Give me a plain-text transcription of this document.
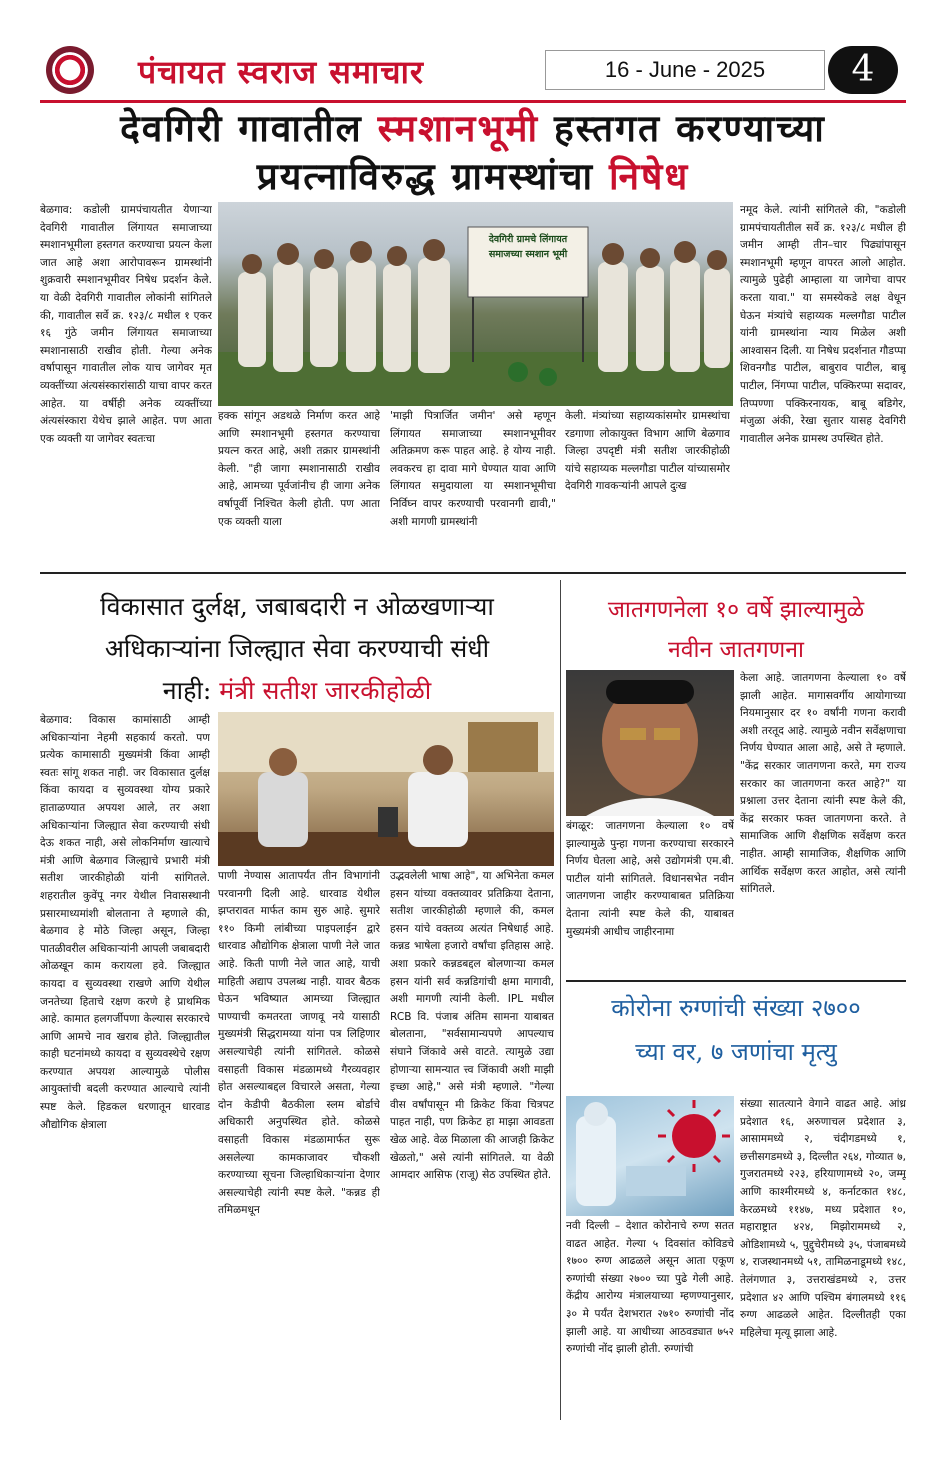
पंचायत स्वराज समाचार	16 - June - 2025	4
देवगिरी गावातील स्मशानभूमी हस्तगत करण्याच्या
प्रयत्नाविरुद्ध ग्रामस्थांचा निषेध
बेळगाव: कडोली ग्रामपंचायतीत येणाऱ्या देवगिरी गावातील लिंगायत समाजाच्या स्मशानभूमीला हस्तगत करण्याचा प्रयत्न केला जात आहे अशा आरोपावरून ग्रामस्थांनी शुक्रवारी स्मशानभूमीवर निषेध प्रदर्शन केले. या वेळी देवगिरी गावातील लोकांनी सांगितले की, गावातील सर्वे क्र. १२३/८ मधील १ एकर १६ गुंठे जमीन लिंगायत समाजाच्या स्मशानासाठी राखीव होती. गेल्या अनेक वर्षापासून गावातील लोक याच जागेवर मृत व्यक्तींच्या अंत्यसंस्कारांसाठी याचा वापर करत आहेत. या वर्षीही अनेक व्यक्तींच्या अंत्यसंस्कारा येथेच झाले आहेत. पण आता एक व्यक्ती या जागेवर स्वतःचा
देवगिरी ग्रामचे लिंगायत समाजच्या स्मशान भूमी
हक्क सांगून अडथळे निर्माण करत आहे आणि स्मशानभूमी हस्तगत करण्याचा प्रयत्न करत आहे, अशी तक्रार ग्रामस्थांनी केली. "ही जागा स्मशानासाठी राखीव आहे, आमच्या पूर्वजांनीच ही जागा अनेक वर्षापूर्वी निश्चित केली होती. पण आता एक व्यक्ती याला
'माझी पित्रार्जित जमीन' असे म्हणून लिंगायत समाजाच्या स्मशानभूमीवर अतिक्रमण करू पाहत आहे. हे योग्य नाही. लवकरच हा दावा मागे घेण्यात यावा आणि लिंगायत समुदायाला या स्मशानभूमीचा निर्विघ्न वापर करण्याची परवानगी द्यावी," अशी मागणी ग्रामस्थांनी
केली. मंत्र्यांच्या सहाय्यकांसमोर ग्रामस्थांचा रडगाणा लोकायुक्त विभाग आणि बेळगाव जिल्हा उपदृष्टी मंत्री सतीश जारकीहोळी यांचे सहाय्यक मल्लगौडा पाटील यांच्यासमोर देवगिरी गावकऱ्यांनी आपले दुःख
नमूद केले. त्यांनी सांगितले की, "कडोली ग्रामपंचायतीतील सर्वे क्र. १२३/८ मधील ही जमीन आम्ही तीन–चार पिढ्यांपासून स्मशानभूमी म्हणून वापरत आलो आहोत. त्यामुळे पुढेही आम्हाला या जागेचा वापर करता यावा." या समस्येकडे लक्ष वेधून घेऊन मंत्र्यांचे सहाय्यक मल्लगौडा पाटील यांनी ग्रामस्थांना न्याय मिळेल अशी आश्वासन दिली. या निषेध प्रदर्शनात गौडप्पा शिवनगौड पाटील, बाबुराव पाटील, बाबू पाटील, निंगप्पा पाटील, पक्किरप्पा सदावर, तिप्पण्णा पक्किरनायक, बाबू बडिगेर, मंजुळा अंकी, रेखा सुतार यासह देवगिरी गावातील अनेक ग्रामस्थ उपस्थित होते.
विकासात दुर्लक्ष, जबाबदारी न ओळखणाऱ्या
अधिकाऱ्यांना जिल्ह्यात सेवा करण्याची संधी
नाही: मंत्री सतीश जारकीहोळी
बेळगाव: विकास कामांसाठी आम्ही अधिकाऱ्यांना नेहमी सहकार्य करतो. पण प्रत्येक कामासाठी मुख्यमंत्री किंवा आम्ही स्वतः सांगू शकत नाही. जर विकासात दुर्लक्ष किंवा कायदा व सुव्यवस्था योग्य प्रकारे हाताळण्यात अपयश आले, तर अशा अधिकाऱ्यांना जिल्ह्यात सेवा करण्याची संधी देऊ शकत नाही, असे लोकनिर्माण खात्याचे मंत्री आणि बेळगाव जिल्ह्याचे प्रभारी मंत्री सतीश जारकीहोळी यांनी सांगितले. शहरातील कुवेंपू नगर येथील निवासस्थानी प्रसारमाध्यमांशी बोलताना ते म्हणाले की, बेळगाव हे मोठे जिल्हा असून, जिल्हा पातळीवरील अधिकाऱ्यांनी आपली जबाबदारी ओळखून काम करायला हवे. जिल्ह्यात कायदा व सुव्यवस्था राखणे आणि येथील जनतेच्या हिताचे रक्षण करणे हे प्राथमिक आहे. कामात हलगर्जीपणा केल्यास सरकारचे आणि आमचे नाव खराब होते. जिल्ह्यातील काही घटनांमध्ये कायदा व सुव्यवस्थेचे रक्षण करण्यात अपयश आल्यामुळे पोलीस आयुक्तांची बदली करण्यात आल्याचे त्यांनी स्पष्ट केले. हिडकल धरणातून धारवाड औद्योगिक क्षेत्राला
पाणी नेण्यास आतापर्यंत तीन विभागांनी परवानगी दिली आहे. धारवाड येथील झप्तरावत मार्फत काम सुरु आहे. सुमारे ११० किमी लांबीच्या पाइपलाईन द्वारे धारवाड औद्योगिक क्षेत्राला पाणी नेले जात आहे. किती पाणी नेले जात आहे, याची माहिती अद्याप उपलब्ध नाही. यावर बैठक घेऊन भविष्यात आमच्या जिल्ह्यात पाण्याची कमतरता जाणवू नये यासाठी मुख्यमंत्री सिद्धरामय्या यांना पत्र लिहिणार असल्याचेही त्यांनी सांगितले. कोळसे वसाहती विकास मंडळामध्ये गैरव्यवहार होत असल्याबद्दल विचारले असता, गेल्या दोन केडीपी बैठकीला स्लम बोर्डाचे अधिकारी अनुपस्थित होते. कोळसे वसाहती विकास मंडळामार्फत सुरू असलेल्या कामकाजावर चौकशी करण्याच्या सूचना जिल्हाधिकाऱ्यांना देणार असल्याचेही त्यांनी स्पष्ट केले. "कन्नड ही तमिळमधून
उद्भवलेली भाषा आहे", या अभिनेता कमल हसन यांच्या वक्तव्यावर प्रतिक्रिया देताना, सतीश जारकीहोळी म्हणाले की, कमल हसन यांचे वक्तव्य अत्यंत निषेधार्ह आहे. कन्नड भाषेला हजारो वर्षांचा इतिहास आहे. अशा प्रकारे कन्नडबद्दल बोलणाऱ्या कमल हसन यांनी सर्व कन्नडिगांची क्षमा मागावी, अशी मागणी त्यांनी केली. IPL मधील RCB वि. पंजाब अंतिम सामना याबाबत बोलताना, "सर्वसामान्यपणे आपल्याच संघाने जिंकावे असे वाटते. त्यामुळे उद्या होणाऱ्या सामन्यात त्त्व जिंकावी अशी माझी इच्छा आहे," असे मंत्री म्हणाले. "गेल्या वीस वर्षांपासून मी क्रिकेट किंवा चित्रपट पाहत नाही, पण क्रिकेट हा माझा आवडता खेळ आहे. वेळ मिळाला की आजही क्रिकेट खेळतो," असे त्यांनी सांगितले. या वेळी आमदार आसिफ (राजू) सेठ उपस्थित होते.
जातगणनेला १० वर्षे झाल्यामुळे
नवीन जातगणना
बंगळूर: जातगणना केल्याला १० वर्षे झाल्यामुळे पुन्हा गणना करण्याचा सरकारने निर्णय घेतला आहे, असे उद्योगमंत्री एम.बी. पाटील यांनी सांगितले. विधानसभेत नवीन जातगणना जाहीर करण्याबाबत प्रतिक्रिया देताना त्यांनी स्पष्ट केले की, याबाबत मुख्यमंत्री आधीच जाहीरनामा
केला आहे. जातगणना केल्याला १० वर्षे झाली आहेत. मागासवर्गीय आयोगाच्या नियमानुसार दर १० वर्षांनी गणना करावी अशी तरतूद आहे. त्यामुळे नवीन सर्वेक्षणाचा निर्णय घेण्यात आला आहे, असे ते म्हणाले. "केंद्र सरकार जातगणना करते, मग राज्य सरकार का जातगणना करत आहे?" या प्रश्नाला उत्तर देताना त्यांनी स्पष्ट केले की, केंद्र सरकार फक्त जातगणना करते. ते सामाजिक आणि शैक्षणिक सर्वेक्षण करत नाहीत. आम्ही सामाजिक, शैक्षणिक आणि आर्थिक सर्वेक्षण करत आहोत, असे त्यांनी सांगितले.
कोरोना रुग्णांची संख्या २७००
च्या वर, ७ जणांचा मृत्यु
नवी दिल्ली – देशात कोरोनाचे रुग्ण सतत वाढत आहेत. गेल्या ५ दिवसांत कोविडचे १७०० रुग्ण आढळले असून आता एकूण रुग्णांची संख्या २७०० च्या पुढे गेली आहे. केंद्रीय आरोग्य मंत्रालयाच्या म्हणण्यानुसार, ३० मे पर्यंत देशभरात २७१० रुग्णांची नोंद झाली आहे. या आधीच्या आठवड्यात ७५२ रुग्णांची नोंद झाली होती. रुग्णांची
संख्या सातत्याने वेगाने वाढत आहे. आंध्र प्रदेशात १६, अरुणाचल प्रदेशात ३, आसाममध्ये २, चंदीगडमध्ये १, छत्तीसगडमध्ये ३, दिल्लीत २६४, गोव्यात ७, गुजरातमध्ये २२३, हरियाणामध्ये २०, जम्मू आणि काश्मीरमध्ये ४, कर्नाटकात १४८, केरळमध्ये ११४७, मध्य प्रदेशात १०, महाराष्ट्रात ४२४, मिझोराममध्ये २, ओडिशामध्ये ५, पुद्दुचेरीमध्ये ३५, पंजाबमध्ये ४, राजस्थानमध्ये ५१, तामिळनाडूमध्ये १४८, तेलंगणात ३, उत्तराखंडमध्ये २, उत्तर प्रदेशात ४२ आणि पश्चिम बंगालमध्ये ११६ रुग्ण आढळले आहेत. दिल्लीतही एका महिलेचा मृत्यू झाला आहे.
